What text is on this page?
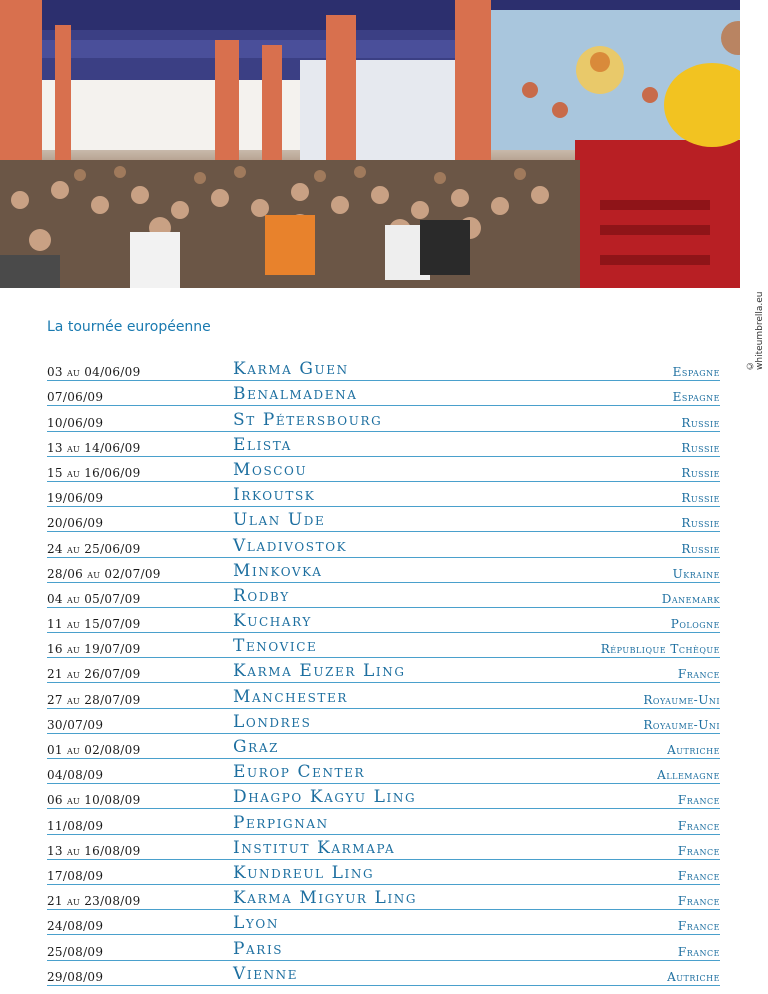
© whiteumbrella.eu
La tournée européenne
03 au 04/06/09	Karma Guen	Espagne
07/06/09	Benalmadena	Espagne
10/06/09	St Pétersbourg	Russie
13 au 14/06/09	Elista	Russie
15 au 16/06/09	Moscou	Russie
19/06/09	Irkoutsk	Russie
20/06/09	Ulan Ude	Russie
24 au 25/06/09	Vladivostok	Russie
28/06 au 02/07/09	Minkovka	Ukraine
04 au 05/07/09	Rodby	Danemark
11 au 15/07/09	Kuchary	Pologne
16 au 19/07/09	Tenovice	République Tchèque
21 au 26/07/09	Karma Euzer Ling	France
27 au 28/07/09	Manchester	Royaume-Uni
30/07/09	Londres	Royaume-Uni
01 au 02/08/09	Graz	Autriche
04/08/09	Europ Center	Allemagne
06 au 10/08/09	Dhagpo Kagyu Ling	France
11/08/09	Perpignan	France
13 au 16/08/09	Institut Karmapa	France
17/08/09	Kundreul Ling	France
21 au 23/08/09	Karma Migyur Ling	France
24/08/09	Lyon	France
25/08/09	Paris	France
29/08/09	Vienne	Autriche
